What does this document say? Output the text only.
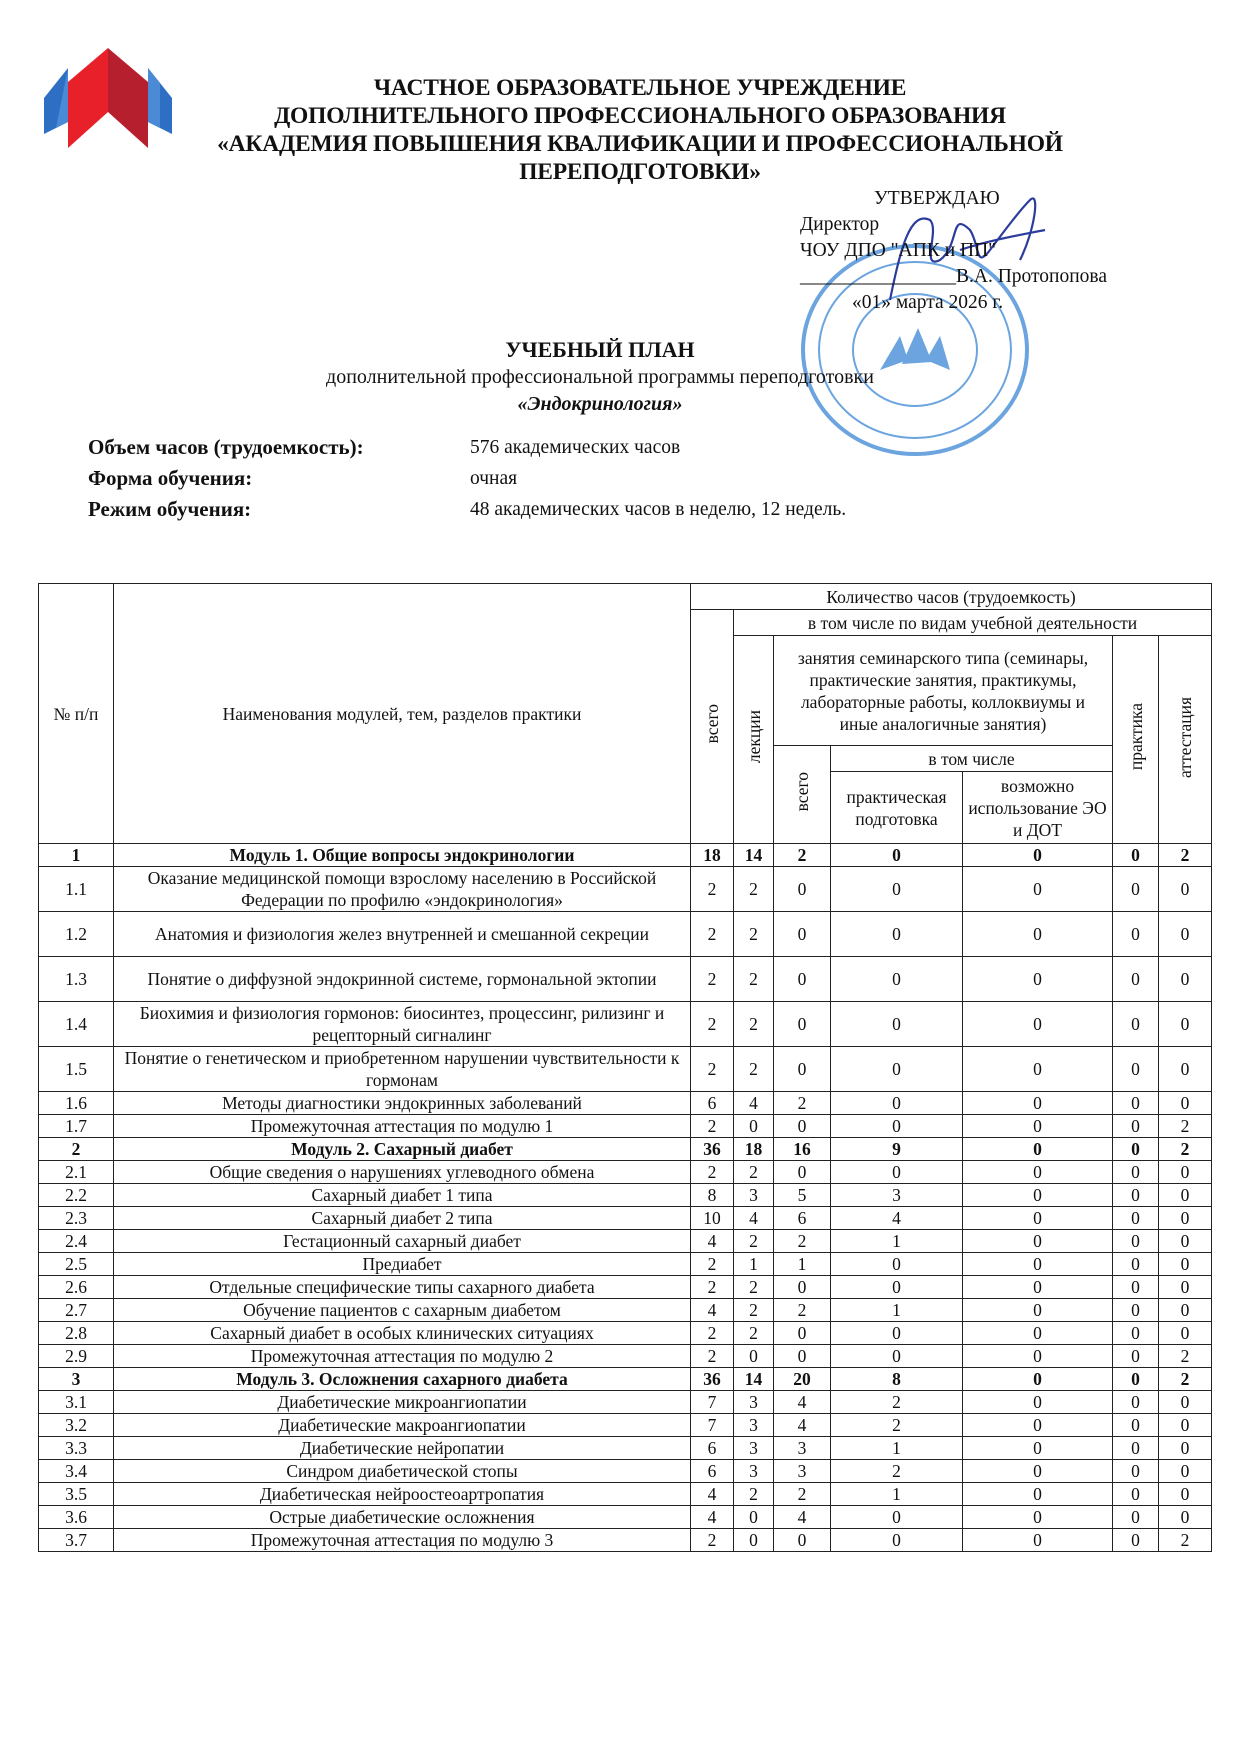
ЧАСТНОЕ ОБРАЗОВАТЕЛЬНОЕ УЧРЕЖДЕНИЕ
ДОПОЛНИТЕЛЬНОГО ПРОФЕССИОНАЛЬНОГО ОБРАЗОВАНИЯ
«АКАДЕМИЯ ПОВЫШЕНИЯ КВАЛИФИКАЦИИ И ПРОФЕССИОНАЛЬНОЙ
ПЕРЕПОДГОТОВКИ»
УТВЕРЖДАЮ
Директор
ЧОУ ДПО "АПК и ПП"
________________В.А. Протопопова
«01» марта 2026 г.
УЧЕБНЫЙ ПЛАН
дополнительной профессиональной программы переподготовки
«Эндокринология»
Объем часов (трудоемкость):	576 академических часов
Форма обучения:	очная
Режим обучения:	48 академических часов в неделю, 12 недель.
№ п/п	Наименования модулей, тем, разделов практики	Количество часов (трудоемкость)						
		всего	в том числе по видам учебной деятельности					
			лекции	занятия семинарского типа (семинары, практические занятия, практикумы, лабораторные работы, коллоквиумы и иные аналогичные занятия)			практика	аттестация
				всего	в том числе			
					практическая подготовка	возможно использование ЭО и ДОТ		
1	Модуль 1. Общие вопросы эндокринологии	18	14	2	0	0	0	2
1.1	Оказание медицинской помощи взрослому населению в Российской Федерации по профилю «эндокринология»	2	2	0	0	0	0	0
1.2	Анатомия и физиология желез внутренней и смешанной секреции	2	2	0	0	0	0	0
1.3	Понятие о диффузной эндокринной системе, гормональной эктопии	2	2	0	0	0	0	0
1.4	Биохимия и физиология гормонов: биосинтез, процессинг, рилизинг и рецепторный сигналинг	2	2	0	0	0	0	0
1.5	Понятие о генетическом и приобретенном нарушении чувствительности к гормонам	2	2	0	0	0	0	0
1.6	Методы диагностики эндокринных заболеваний	6	4	2	0	0	0	0
1.7	Промежуточная аттестация по модулю 1	2	0	0	0	0	0	2
2	Модуль 2. Сахарный диабет	36	18	16	9	0	0	2
2.1	Общие сведения о нарушениях углеводного обмена	2	2	0	0	0	0	0
2.2	Сахарный диабет 1 типа	8	3	5	3	0	0	0
2.3	Сахарный диабет 2 типа	10	4	6	4	0	0	0
2.4	Гестационный сахарный диабет	4	2	2	1	0	0	0
2.5	Предиабет	2	1	1	0	0	0	0
2.6	Отдельные специфические типы сахарного диабета	2	2	0	0	0	0	0
2.7	Обучение пациентов с сахарным диабетом	4	2	2	1	0	0	0
2.8	Сахарный диабет в особых клинических ситуациях	2	2	0	0	0	0	0
2.9	Промежуточная аттестация по модулю 2	2	0	0	0	0	0	2
3	Модуль 3. Осложнения сахарного диабета	36	14	20	8	0	0	2
3.1	Диабетические микроангиопатии	7	3	4	2	0	0	0
3.2	Диабетические макроангиопатии	7	3	4	2	0	0	0
3.3	Диабетические нейропатии	6	3	3	1	0	0	0
3.4	Синдром диабетической стопы	6	3	3	2	0	0	0
3.5	Диабетическая нейроостеоартропатия	4	2	2	1	0	0	0
3.6	Острые диабетические осложнения	4	0	4	0	0	0	0
3.7	Промежуточная аттестация по модулю 3	2	0	0	0	0	0	2
